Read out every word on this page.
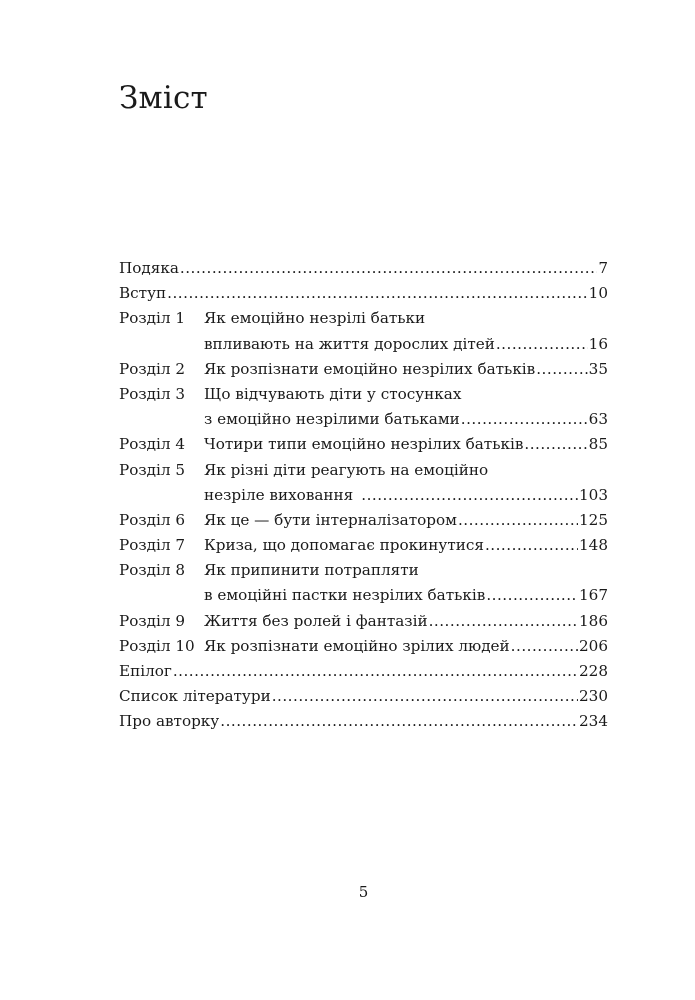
Зміст
Подяка .....	7
Вступ .....	10
Розділ 1	Як емоційно незрілі батьки
впливають на життя дорослих дітей .....	16
Розділ 2	Як розпізнати емоційно незрілих батьків .....	35
Розділ 3	Що відчувають діти у стосунках
з емоційно незрілими батьками .....	63
Розділ 4	Чотири типи емоційно незрілих батьків .....	85
Розділ 5	Як різні діти реагують на емоційно
незріле виховання .....	103
Розділ 6	Як це — бути інтерналізатором .....	125
Розділ 7	Криза, що допомагає прокинутися .....	148
Розділ 8	Як припинити потрапляти
в емоційні пастки незрілих батьків .....	167
Розділ 9	Життя без ролей і фантазій .....	186
Розділ 10 Як розпізнати емоційно зрілих людей .....	206
Епілог .....	228
Список літератури .....	230
Про авторку .....	234
5
